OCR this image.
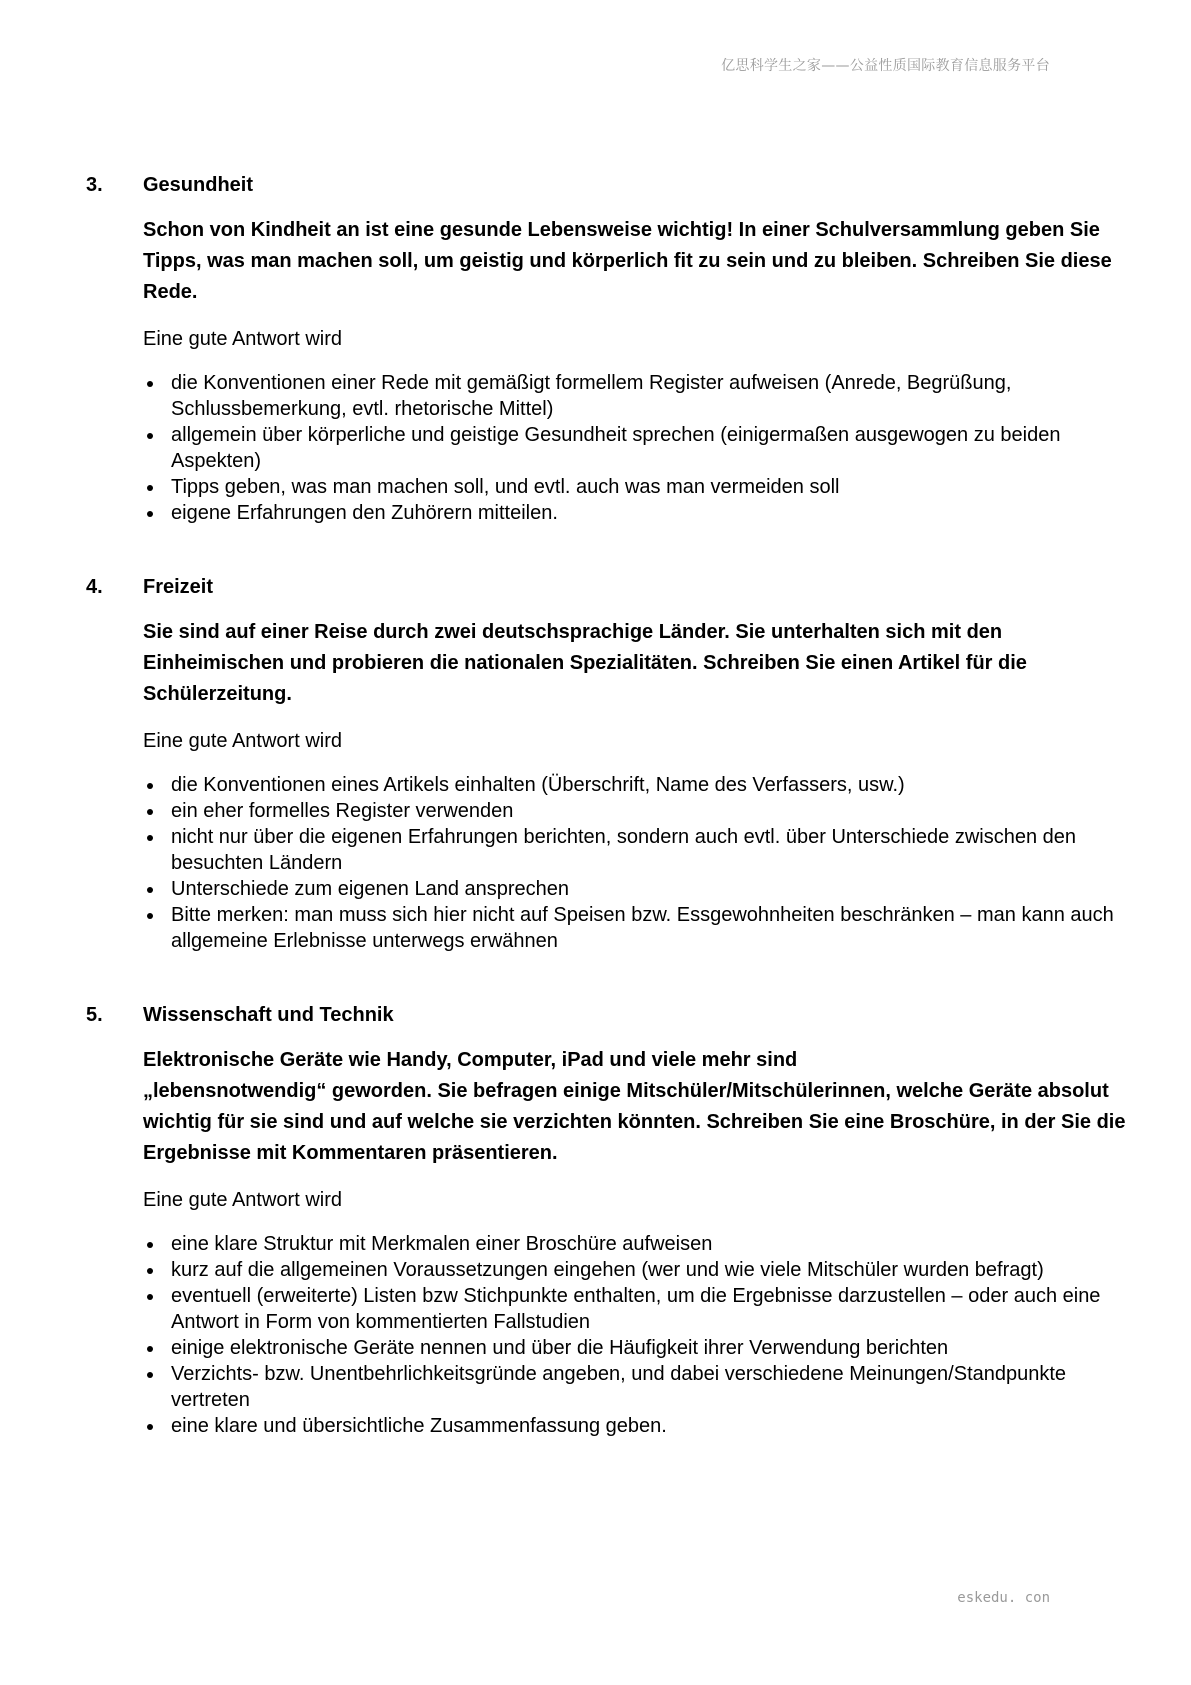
亿思科学生之家——公益性质国际教育信息服务平台
3.	Gesundheit

Schon von Kindheit an ist eine gesunde Lebensweise wichtig! In einer Schulversammlung geben Sie Tipps, was man machen soll, um geistig und körperlich fit zu sein und zu bleiben. Schreiben Sie diese Rede.

Eine gute Antwort wird

die Konventionen einer Rede mit gemäßigt formellem Register aufweisen (Anrede, Begrüßung, Schlussbemerkung, evtl. rhetorische Mittel)
allgemein über körperliche und geistige Gesundheit sprechen (einigermaßen ausgewogen zu beiden Aspekten)
Tipps geben, was man machen soll, und evtl. auch was man vermeiden soll
eigene Erfahrungen den Zuhörern mitteilen.
4.	Freizeit

Sie sind auf einer Reise durch zwei deutschsprachige Länder. Sie unterhalten sich mit den Einheimischen und probieren die nationalen Spezialitäten. Schreiben Sie einen Artikel für die Schülerzeitung.

Eine gute Antwort wird

die Konventionen eines Artikels einhalten (Überschrift, Name des Verfassers, usw.)
ein eher formelles Register verwenden
nicht nur über die eigenen Erfahrungen berichten, sondern auch evtl. über Unterschiede zwischen den besuchten Ländern
Unterschiede zum eigenen Land ansprechen
Bitte merken: man muss sich hier nicht auf Speisen bzw. Essgewohnheiten beschränken – man kann auch allgemeine Erlebnisse unterwegs erwähnen
5.	Wissenschaft und Technik
Elektronische Geräte wie Handy, Computer, iPad und viele mehr sind
„lebensnotwendig“ geworden. Sie befragen einige Mitschüler/Mitschülerinnen, welche Geräte absolut wichtig für sie sind und auf welche sie verzichten könnten. Schreiben Sie eine Broschüre, in der Sie die Ergebnisse mit Kommentaren präsentieren.

Eine gute Antwort wird

eine klare Struktur mit Merkmalen einer Broschüre aufweisen
kurz auf die allgemeinen Voraussetzungen eingehen (wer und wie viele Mitschüler wurden befragt)
eventuell (erweiterte) Listen bzw Stichpunkte enthalten, um die Ergebnisse darzustellen – oder auch eine Antwort in Form von kommentierten Fallstudien
einige elektronische Geräte nennen und über die Häufigkeit ihrer Verwendung berichten
Verzichts- bzw. Unentbehrlichkeitsgründe angeben, und dabei verschiedene Meinungen/Standpunkte vertreten
eine klare und übersichtliche Zusammenfassung geben.
eskedu. con
